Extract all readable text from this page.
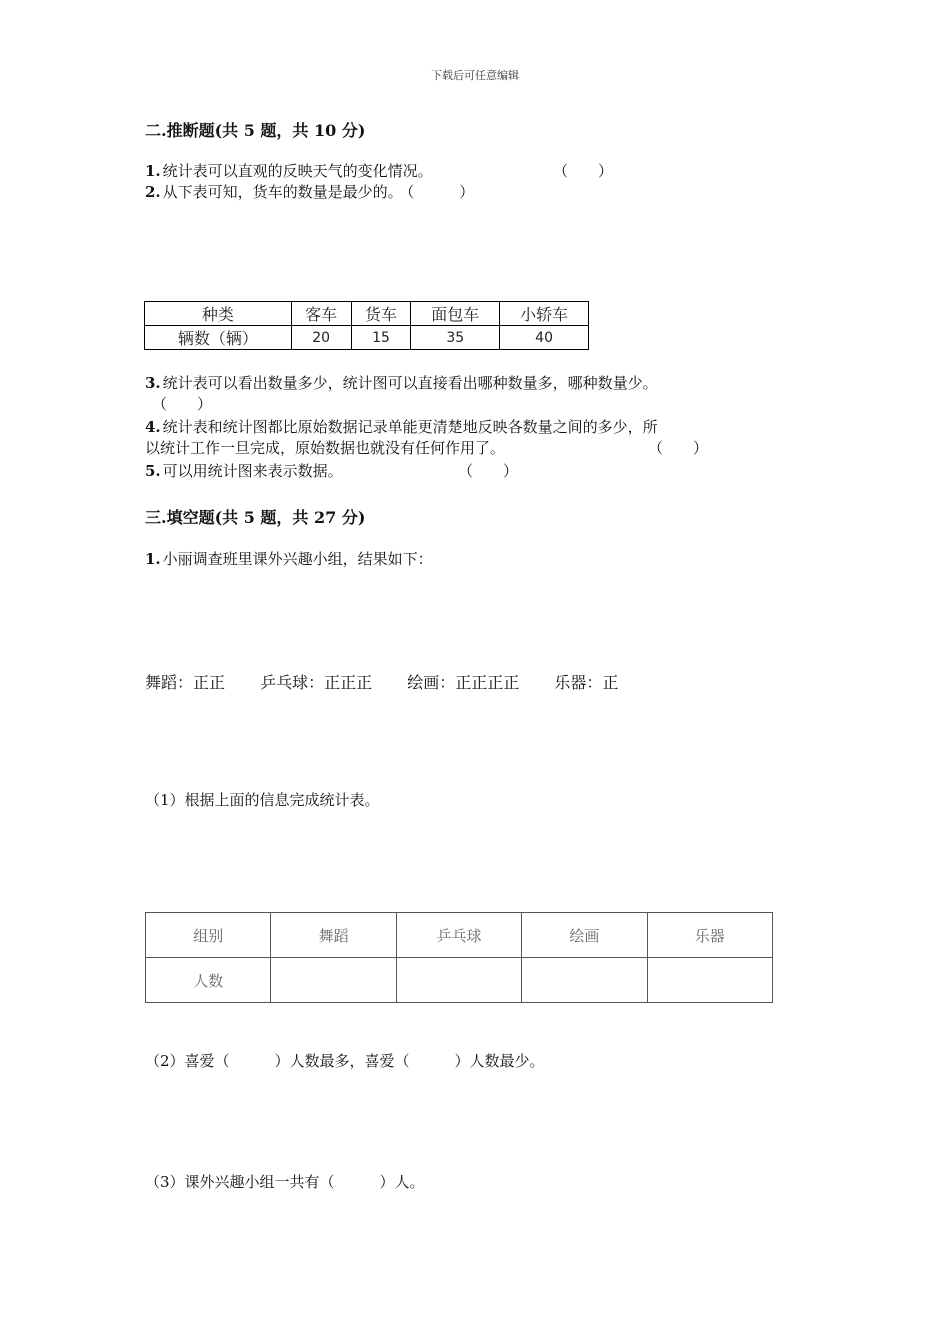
下载后可任意编辑
二.推断题(共 5 题，共 10 分)
1. 统计表可以直观的反映天气的变化情况。	（　　）
2. 从下表可知，货车的数量是最少的。 （　　　）
种类	客车	货车	面包车	小轿车
辆数（辆）	20	15	35	40
3. 统计表可以看出数量多少，统计图可以直接看出哪种数量多，哪种数量少。
（　　）
4. 统计表和统计图都比原始数据记录单能更清楚地反映各数量之间的多少，所
以统计工作一旦完成，原始数据也就没有任何作用了。	（　　）
5. 可以用统计图来表示数据。	（　　）
三.填空题(共 5 题，共 27 分)
1. 小丽调查班里课外兴趣小组，结果如下：
舞蹈：正正 乒乓球：正正正 绘画：正正正正 乐器：正
（1）根据上面的信息完成统计表。
组别	舞蹈	乒乓球	绘画	乐器
人数				
（2）喜爱（　　　）人数最多，喜爱（　　　）人数最少。
（3）课外兴趣小组一共有（　　　）人。
